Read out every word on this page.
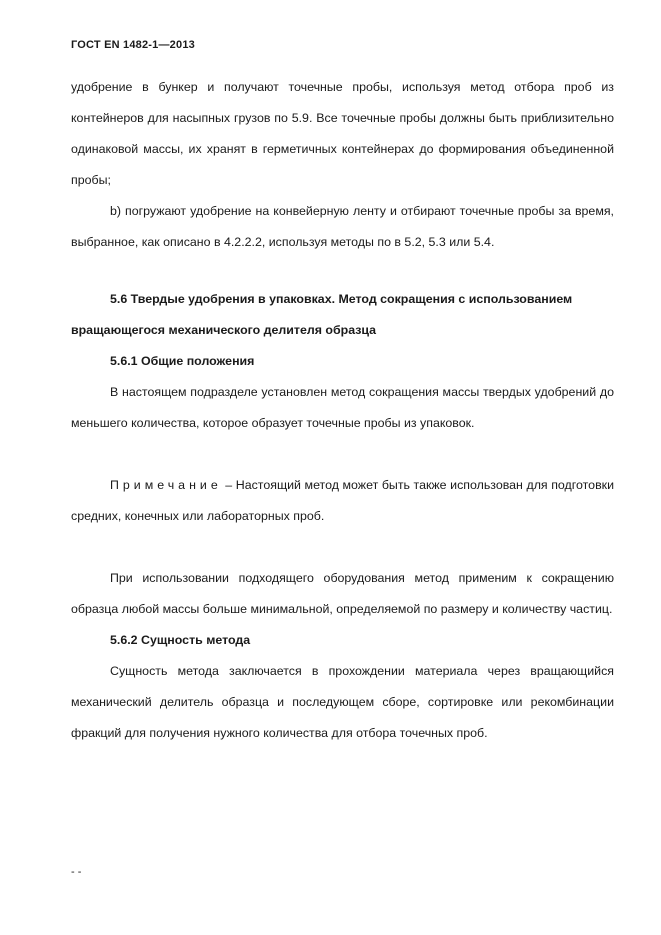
ГОСТ EN 1482-1—2013

удобрение в бункер и получают точечные пробы, используя метод отбора проб из контейнеров для насыпных грузов по 5.9. Все точечные пробы должны быть приблизительно одинаковой массы, их хранят в герметичных контейнерах до формирования объединенной пробы;

b) погружают удобрение на конвейерную ленту и отбирают точечные пробы за время, выбранное, как описано в 4.2.2.2, используя методы по в 5.2, 5.3 или 5.4.

5.6 Твердые удобрения в упаковках. Метод сокращения с использованием вращающегося механического делителя образца

5.6.1 Общие положения

В настоящем подразделе установлен метод сокращения массы твердых удобрений до меньшего количества, которое образует точечные пробы из упаковок.

Примечание – Настоящий метод может быть также использован для подготовки средних, конечных или лабораторных проб.

При использовании подходящего оборудования метод применим к сокращению образца любой массы больше минимальной, определяемой по размеру и количеству частиц.

5.6.2 Сущность метода

Сущность метода заключается в прохождении материала через вращающийся механический делитель образца и последующем сборе, сортировке или рекомбинации фракций для получения нужного количества для отбора точечных проб.

- -
